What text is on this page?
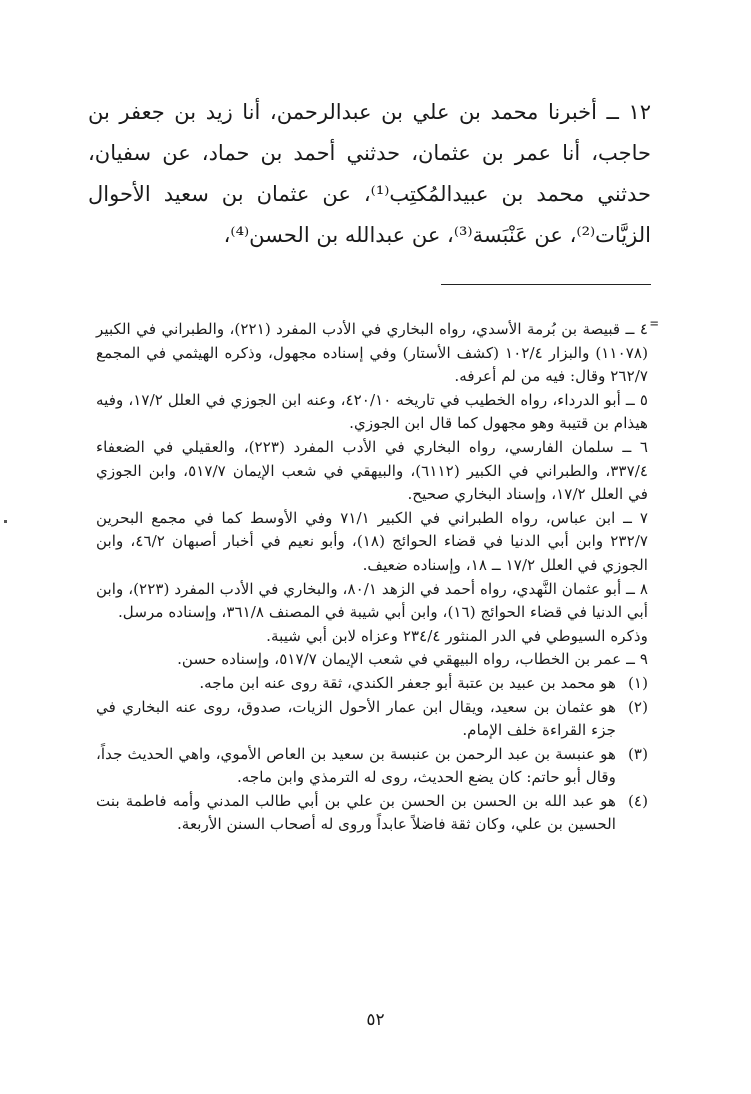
١٢ ــ أخبرنا محمد بن علي بن عبدالرحمن، أنا زيد بن جعفر بن حاجب، أنا عمر بن عثمان، حدثني أحمد بن حماد، عن سفيان، حدثني محمد بن عبيدالمُكتِب⁽¹⁾، عن عثمان بن سعيد الأحوال الزيَّات⁽²⁾، عن عَنْبَسة⁽³⁾، عن عبدالله بن الحسن⁽⁴⁾،

=

٤ ــ قبيصة بن بُرمة الأسدي، رواه البخاري في الأدب المفرد (٢٢١)، والطبراني في الكبير (١١٠٧٨) والبزار ١٠٢/٤ (كشف الأستار) وفي إسناده مجهول، وذكره الهيثمي في المجمع ٢٦٢/٧ وقال: فيه من لم أعرفه.

٥ ــ أبو الدرداء، رواه الخطيب في تاريخه ٤٢٠/١٠، وعنه ابن الجوزي في العلل ١٧/٢، وفيه هيذام بن قتيبة وهو مجهول كما قال ابن الجوزي.

٦ ــ سلمان الفارسي، رواه البخاري في الأدب المفرد (٢٢٣)، والعقيلي في الضعفاء ٣٣٧/٤، والطبراني في الكبير (٦١١٢)، والبيهقي في شعب الإيمان ٥١٧/٧، وابن الجوزي في العلل ١٧/٢، وإسناد البخاري صحيح.

٧ ــ ابن عباس، رواه الطبراني في الكبير ٧١/١ وفي الأوسط كما في مجمع البحرين ٢٣٢/٧ وابن أبي الدنيا في قضاء الحوائج (١٨)، وأبو نعيم في أخبار أصبهان ٤٦/٢، وابن الجوزي في العلل ١٧/٢ ــ ١٨، وإسناده ضعيف.

٨ ــ أبو عثمان النَّهدي، رواه أحمد في الزهد ٨٠/١، والبخاري في الأدب المفرد (٢٢٣)، وابن أبي الدنيا في قضاء الحوائج (١٦)، وابن أبي شيبة في المصنف ٣٦١/٨، وإسناده مرسل.

وذكره السيوطي في الدر المنثور ٢٣٤/٤ وعزاه لابن أبي شيبة.

٩ ــ عمر بن الخطاب، رواه البيهقي في شعب الإيمان ٥١٧/٧، وإسناده حسن.

(١)
هو محمد بن عبيد بن عتبة أبو جعفر الكندي، ثقة روى عنه ابن ماجه.
(٢)
هو عثمان بن سعيد، ويقال ابن عمار الأحول الزيات، صدوق، روى عنه البخاري في جزء القراءة خلف الإمام.
(٣)
هو عنبسة بن عبد الرحمن بن عنبسة بن سعيد بن العاص الأموي، واهي الحديث جداً، وقال أبو حاتم: كان يضع الحديث، روى له الترمذي وابن ماجه.
(٤)
هو عبد الله بن الحسن بن الحسن بن علي بن أبي طالب المدني وأمه فاطمة بنت الحسين بن علي، وكان ثقة فاضلاً عابداً وروى له أصحاب السنن الأربعة.
٥٢
